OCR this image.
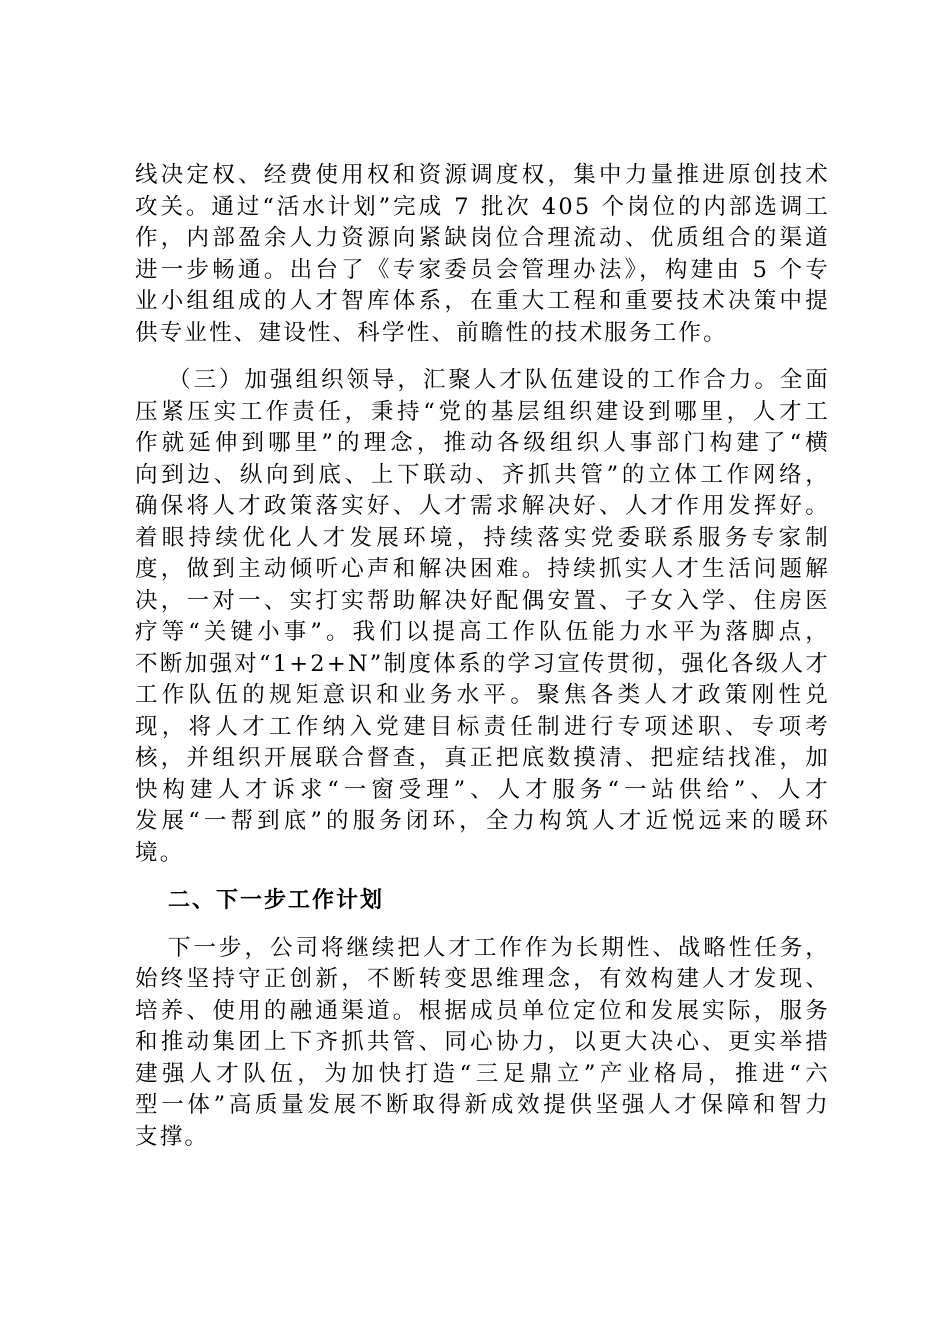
线决定权、经费使用权和资源调度权，集中力量推进原创技术
攻关。通过“活水计划”完成 7 批次 405 个岗位的内部选调工
作，内部盈余人力资源向紧缺岗位合理流动、优质组合的渠道
进一步畅通。出台了《专家委员会管理办法》，构建由 5 个专
业小组组成的人才智库体系，在重大工程和重要技术决策中提
供专业性、建设性、科学性、前瞻性的技术服务工作。
（三）加强组织领导，汇聚人才队伍建设的工作合力。全面
压紧压实工作责任，秉持“党的基层组织建设到哪里，人才工
作就延伸到哪里”的理念，推动各级组织人事部门构建了“横
向到边、纵向到底、上下联动、齐抓共管”的立体工作网络，
确保将人才政策落实好、人才需求解决好、人才作用发挥好。
着眼持续优化人才发展环境，持续落实党委联系服务专家制
度，做到主动倾听心声和解决困难。持续抓实人才生活问题解
决，一对一、实打实帮助解决好配偶安置、子女入学、住房医
疗等“关键小事”。我们以提高工作队伍能力水平为落脚点，
不断加强对“1+2+N”制度体系的学习宣传贯彻，强化各级人才
工作队伍的规矩意识和业务水平。聚焦各类人才政策刚性兑
现，将人才工作纳入党建目标责任制进行专项述职、专项考
核，并组织开展联合督查，真正把底数摸清、把症结找准，加
快构建人才诉求“一窗受理”、人才服务“一站供给”、人才
发展“一帮到底”的服务闭环，全力构筑人才近悦远来的暖环
境。
二、下一步工作计划
下一步，公司将继续把人才工作作为长期性、战略性任务，
始终坚持守正创新，不断转变思维理念，有效构建人才发现、
培养、使用的融通渠道。根据成员单位定位和发展实际，服务
和推动集团上下齐抓共管、同心协力，以更大决心、更实举措
建强人才队伍，为加快打造“三足鼎立”产业格局，推进“六
型一体”高质量发展不断取得新成效提供坚强人才保障和智力
支撑。
